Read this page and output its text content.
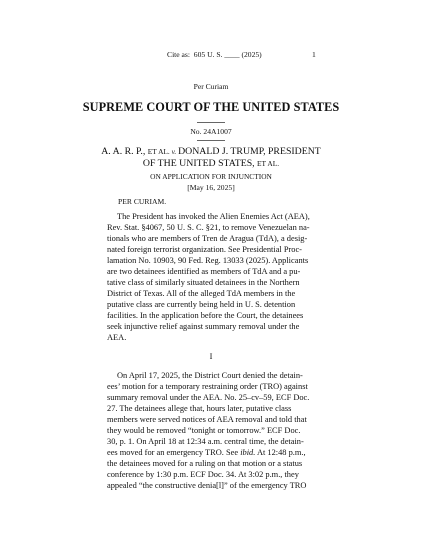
Cite as:  605 U. S. ____ (2025)	1
Per Curiam
SUPREME COURT OF THE UNITED STATES
No. 24A1007
A. A. R. P., ET AL. v. DONALD J. TRUMP, PRESIDENT
OF THE UNITED STATES, ET AL.
ON APPLICATION FOR INJUNCTION
[May 16, 2025]
PER CURIAM.
The President has invoked the Alien Enemies Act (AEA),
Rev. Stat. §4067, 50 U. S. C. §21, to remove Venezuelan na-
tionals who are members of Tren de Aragua (TdA), a desig-
nated foreign terrorist organization. See Presidential Proc-
lamation No. 10903, 90 Fed. Reg. 13033 (2025). Applicants
are two detainees identified as members of TdA and a pu-
tative class of similarly situated detainees in the Northern
District of Texas. All of the alleged TdA members in the
putative class are currently being held in U. S. detention
facilities. In the application before the Court, the detainees
seek injunctive relief against summary removal under the
AEA.
I
On April 17, 2025, the District Court denied the detain-
ees’ motion for a temporary restraining order (TRO) against
summary removal under the AEA. No. 25–cv–59, ECF Doc.
27. The detainees allege that, hours later, putative class
members were served notices of AEA removal and told that
they would be removed “tonight or tomorrow.” ECF Doc.
30, p. 1. On April 18 at 12:34 a.m. central time, the detain-
ees moved for an emergency TRO. See ibid. At 12:48 p.m.,
the detainees moved for a ruling on that motion or a status
conference by 1:30 p.m. ECF Doc. 34. At 3:02 p.m., they
appealed “the constructive denia[l]” of the emergency TRO
